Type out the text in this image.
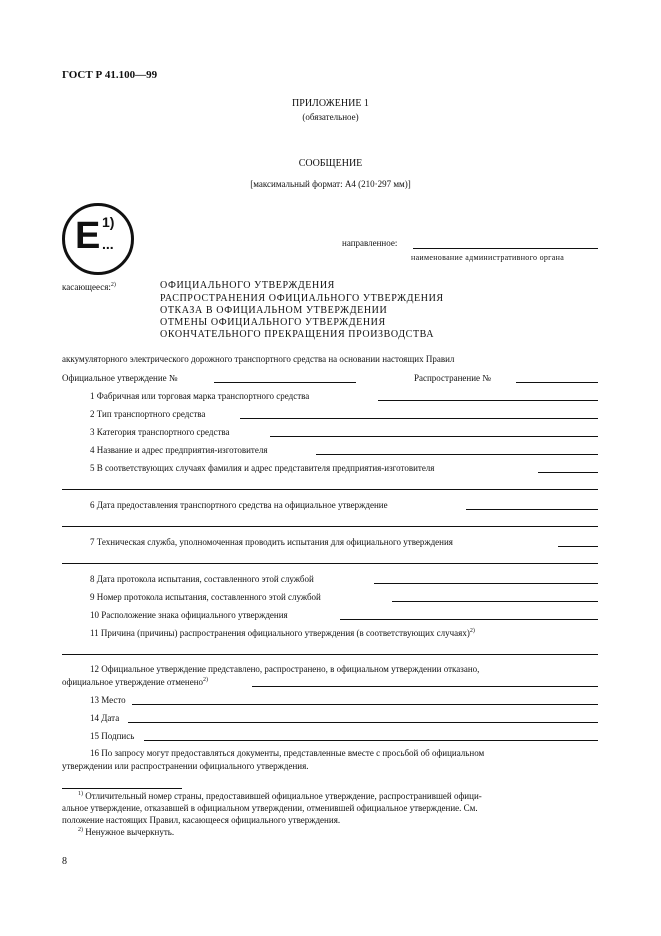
ГОСТ Р 41.100—99
ПРИЛОЖЕНИЕ 1
(обязательное)
СООБЩЕНИЕ
[максимальный формат: А4 (210·297 мм)]
E 1)
...	направленное:
наименование административного органа
касающееся:$^{2)}$	ОФИЦИАЛЬНОГО УТВЕРЖДЕНИЯ
РАСПРОСТРАНЕНИЯ ОФИЦИАЛЬНОГО УТВЕРЖДЕНИЯ
ОТКАЗА В ОФИЦИАЛЬНОМ УТВЕРЖДЕНИИ
ОТМЕНЫ ОФИЦИАЛЬНОГО УТВЕРЖДЕНИЯ
ОКОНЧАТЕЛЬНОГО ПРЕКРАЩЕНИЯ ПРОИЗВОДСТВА
аккумуляторного электрического дорожного транспортного средства на основании настоящих Правил
Официальное утверждение №	Распространение №
1 Фабричная или торговая марка транспортного средства
2 Тип транспортного средства
3 Категория транспортного средства
4 Название и адрес предприятия-изготовителя
5 В соответствующих случаях фамилия и адрес представителя предприятия-изготовителя
6 Дата предоставления транспортного средства на официальное утверждение
7 Техническая служба, уполномоченная проводить испытания для официального утверждения
8 Дата протокола испытания, составленного этой службой
9 Номер протокола испытания, составленного этой службой
10 Расположение знака официального утверждения
11 Причина (причины) распространения официального утверждения (в соответствующих случаях)$^{2)}$
12 Официальное утверждение представлено, распространено, в официальном утверждении отказано,
официальное утверждение отменено$^{2)}$
13 Место
14 Дата
15 Подпись
16 По запросу могут предоставляться документы, представленные вместе с просьбой об официальном
утверждении или распространении официального утверждения.
$^{1)}$ Отличительный номер страны, предоставившей официальное утверждение, распространившей офици-
альное утверждение, отказавшей в официальном утверждении, отменившей официальное утверждение. См.
положение настоящих Правил, касающееся официального утверждения.
$^{2)}$ Ненужное вычеркнуть.
8
